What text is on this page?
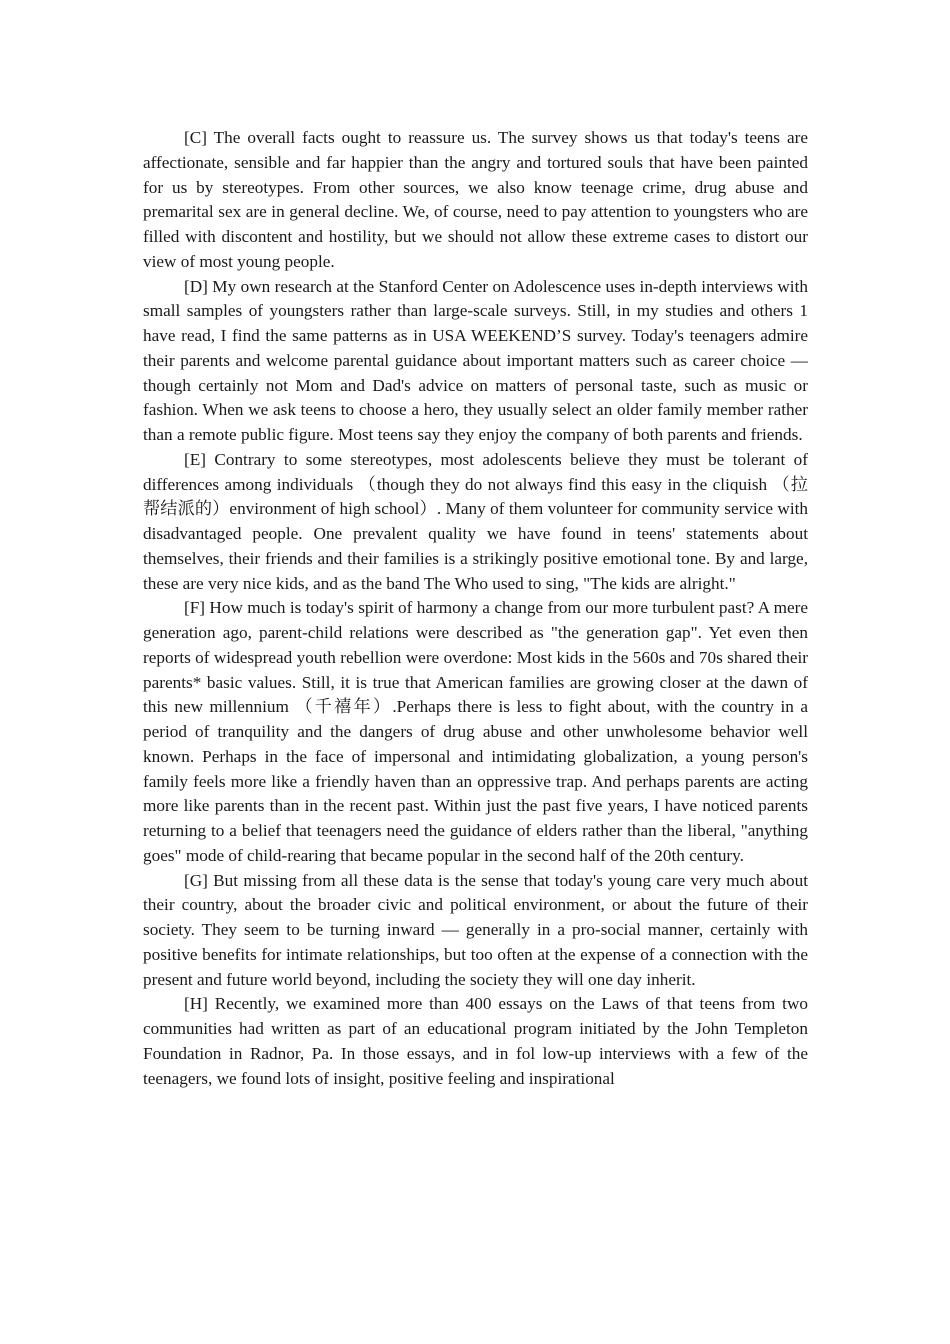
[C] The overall facts ought to reassure us. The survey shows us that today's teens are affectionate, sensible and far happier than the angry and tortured souls that have been painted for us by stereotypes. From other sources, we also know teenage crime, drug abuse and premarital sex are in general decline. We, of course, need to pay attention to youngsters who are filled with discontent and hostility, but we should not allow these extreme cases to distort our view of most young people.

[D] My own research at the Stanford Center on Adolescence uses in-depth interviews with small samples of youngsters rather than large-scale surveys. Still, in my studies and others 1 have read, I find the same patterns as in USA WEEKEND’S survey. Today's teenagers admire their parents and welcome parental guidance about important matters such as career choice — though certainly not Mom and Dad's advice on matters of personal taste, such as music or fashion. When we ask teens to choose a hero, they usually select an older family member rather than a remote public figure. Most teens say they enjoy the company of both parents and friends.

[E] Contrary to some stereotypes, most adolescents believe they must be tolerant of differences among individuals （though they do not always find this easy in the cliquish （拉帮结派的）environment of high school）. Many of them volunteer for community service with disadvantaged people. One prevalent quality we have found in teens' statements about themselves, their friends and their families is a strikingly positive emotional tone. By and large, these are very nice kids, and as the band The Who used to sing, "The kids are alright."

[F] How much is today's spirit of harmony a change from our more turbulent past? A mere generation ago, parent-child relations were described as "the generation gap". Yet even then reports of widespread youth rebellion were overdone: Most kids in the 560s and 70s shared their parents* basic values. Still, it is true that American families are growing closer at the dawn of this new millennium （千禧年）.Perhaps there is less to fight about, with the country in a period of tranquility and the dangers of drug abuse and other unwholesome behavior well known. Perhaps in the face of impersonal and intimidating globalization, a young person's family feels more like a friendly haven than an oppressive trap. And perhaps parents are acting more like parents than in the recent past. Within just the past five years, I have noticed parents returning to a belief that teenagers need the guidance of elders rather than the liberal, "anything goes" mode of child-rearing that became popular in the second half of the 20th century.

[G] But missing from all these data is the sense that today's young care very much about their country, about the broader civic and political environment, or about the future of their society. They seem to be turning inward — generally in a pro-social manner, certainly with positive benefits for intimate relationships, but too often at the expense of a connection with the present and future world beyond, including the society they will one day inherit.

[H] Recently, we examined more than 400 essays on the Laws of that teens from two communities had written as part of an educational program initiated by the John Templeton Foundation in Radnor, Pa. In those essays, and in fol low-up interviews with a few of the teenagers, we found lots of insight, positive feeling and inspirational
